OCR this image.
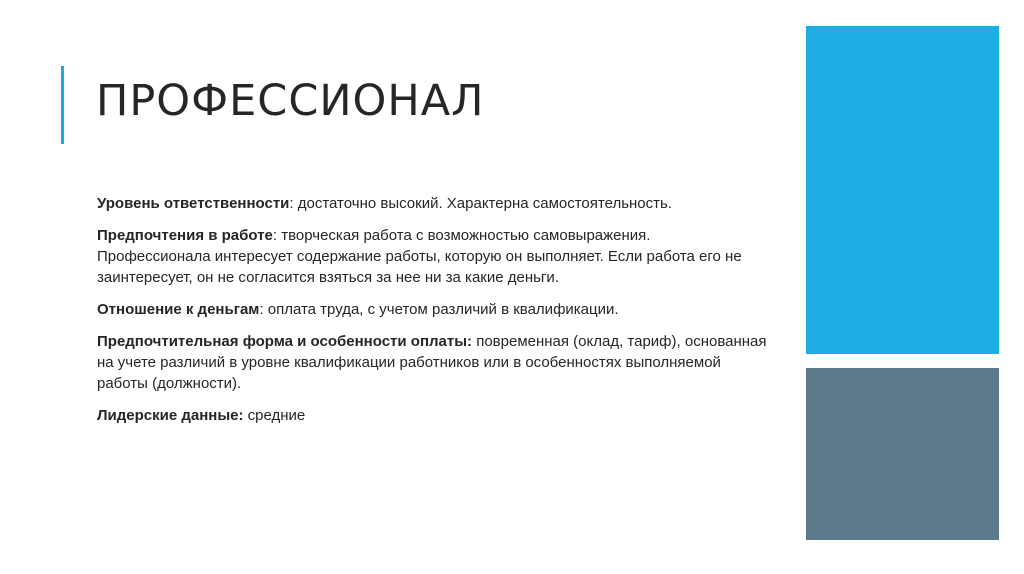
ПРОФЕССИОНАЛ

Уровень ответственности: достаточно высокий. Характерна самостоятельность.

Предпочтения в работе: творческая работа с возможностью самовыражения. Профессионала интересует содержание работы, которую он выполняет. Если работа его не заинтересует, он не согласится взяться за нее ни за какие деньги.

Отношение к деньгам: оплата труда, с учетом различий в квалификации.

Предпочтительная форма и особенности оплаты: повременная (оклад, тариф), основанная на учете различий в уровне квалификации работников или в особенностях выполняемой работы (должности).

Лидерские данные: средние
